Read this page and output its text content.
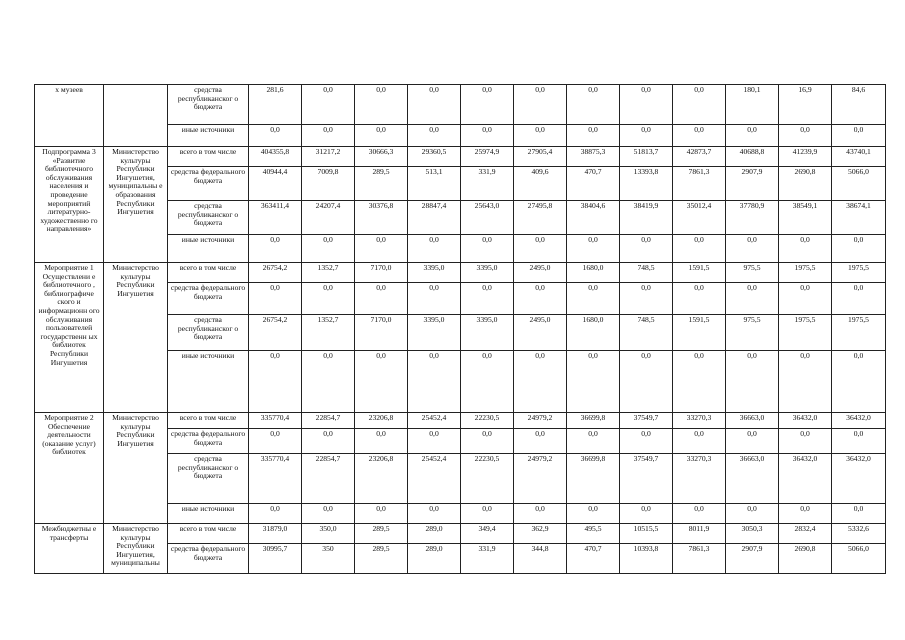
х музеев		средства республиканског о бюджета	281,6	0,0	0,0	0,0	0,0	0,0	0,0	0,0	0,0	180,1	16,9	84,6
		иные источники	0,0	0,0	0,0	0,0	0,0	0,0	0,0	0,0	0,0	0,0	0,0	0,0
Подпрограмма 3 «Развитие библиотечного обслуживания населения и проведение мероприятий литературно-художественно го направления»	Министерство культуры Республики Ингушетия, муниципальны е образования Республики Ингушетия	всего в том числе	404355,8	31217,2	30666,3	29360,5	25974,9	27905,4	38875,3	51813,7	42873,7	40688,8	41239,9	43740,1
		средства федерального бюджета	40944,4	7009,8	289,5	513,1	331,9	409,6	470,7	13393,8	7861,3	2907,9	2690,8	5066,0
		средства республиканског о бюджета	363411,4	24207,4	30376,8	28847,4	25643,0	27495,8	38404,6	38419,9	35012,4	37780,9	38549,1	38674,1
		иные источники	0,0	0,0	0,0	0,0	0,0	0,0	0,0	0,0	0,0	0,0	0,0	0,0
Мероприятие 1 Осуществлени е библиотечного , библиографиче ского и информационн ого обслуживания пользователей государственн ых библиотек Республики Ингушетия	Министерство культуры Республики Ингушетия	всего в том числе	26754,2	1352,7	7170,0	3395,0	3395,0	2495,0	1680,0	748,5	1591,5	975,5	1975,5	1975,5
		средства федерального бюджета	0,0	0,0	0,0	0,0	0,0	0,0	0,0	0,0	0,0	0,0	0,0	0,0
		средства республиканског о бюджета	26754,2	1352,7	7170,0	3395,0	3395,0	2495,0	1680,0	748,5	1591,5	975,5	1975,5	1975,5
		иные источники	0,0	0,0	0,0	0,0	0,0	0,0	0,0	0,0	0,0	0,0	0,0	0,0
Мероприятие 2 Обеспечение деятельности (оказание услуг) библиотек	Министерство культуры Республики Ингушетия	всего в том числе	335770,4	22854,7	23206,8	25452,4	22230,5	24979,2	36699,8	37549,7	33270,3	36663,0	36432,0	36432,0
		средства федерального бюджета	0,0	0,0	0,0	0,0	0,0	0,0	0,0	0,0	0,0	0,0	0,0	0,0
		средства республиканског о бюджета	335770,4	22854,7	23206,8	25452,4	22230,5	24979,2	36699,8	37549,7	33270,3	36663,0	36432,0	36432,0
		иные источники	0,0	0,0	0,0	0,0	0,0	0,0	0,0	0,0	0,0	0,0	0,0	0,0
Межбюджетны е трансферты	Министерство культуры Республики Ингушетия, муниципальны	всего в том числе	31879,0	350,0	289,5	289,0	349,4	362,9	495,5	10515,5	8011,9	3050,3	2832,4	5332,6
		средства федерального бюджета	30995,7	350	289,5	289,0	331,9	344,8	470,7	10393,8	7861,3	2907,9	2690,8	5066,0
